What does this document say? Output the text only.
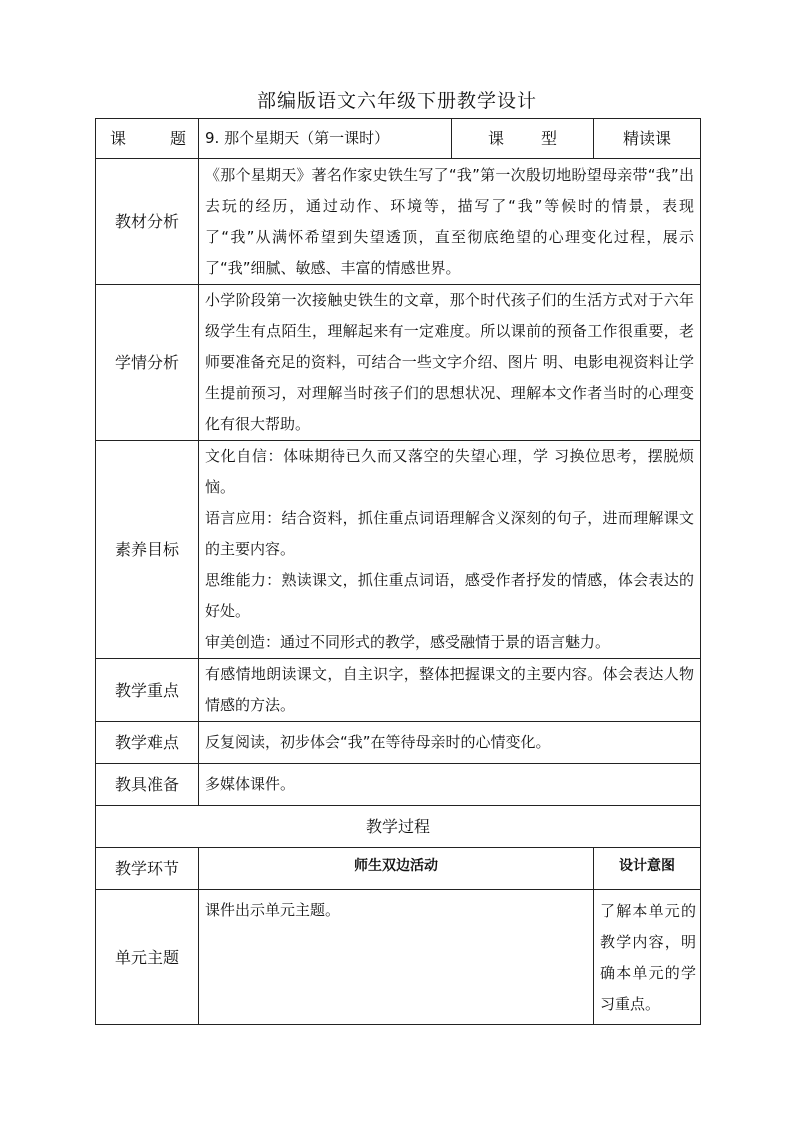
部编版语文六年级下册教学设计
课 题	9. 那个星期天（第一课时）	课 型	精读课
教材分析	《那个星期天》著名作家史铁生写了“我”第一次殷切地盼望母亲带“我”出去玩的经历，通过动作、环境等，描写了“我”等候时的情景，表现了“我”从满怀希望到失望透顶，直至彻底绝望的心理变化过程，展示了“我”细腻、敏感、丰富的情感世界。		
学情分析	小学阶段第一次接触史铁生的文章，那个时代孩子们的生活方式对于六年级学生有点陌生，理解起来有一定难度。所以课前的预备工作很重要，老师要准备充足的资料，可结合一些文字介绍、图片 明、电影电视资料让学生提前预习，对理解当时孩子们的思想状况、理解本文作者当时的心理变化有很大帮助。		
素养目标	文化自信：体味期待已久而又落空的失望心理，学 习换位思考，摆脱烦恼。
语言应用：结合资料，抓住重点词语理解含义深刻的句子，进而理解课文的主要内容。
思维能力：熟读课文，抓住重点词语，感受作者抒发的情感，体会表达的好处。
审美创造：通过不同形式的教学，感受融情于景的语言魅力。		

教学重点	有感情地朗读课文，自主识字，整体把握课文的主要内容。体会表达人物情感的方法。		
教学难点	反复阅读，初步体会“我”在等待母亲时的心情变化。		
教具准备	多媒体课件。		
教学过程			
教学环节	师生双边活动		设计意图
单元主题	课件出示单元主题。		了解本单元的教学内容，明确本单元的学习重点。
